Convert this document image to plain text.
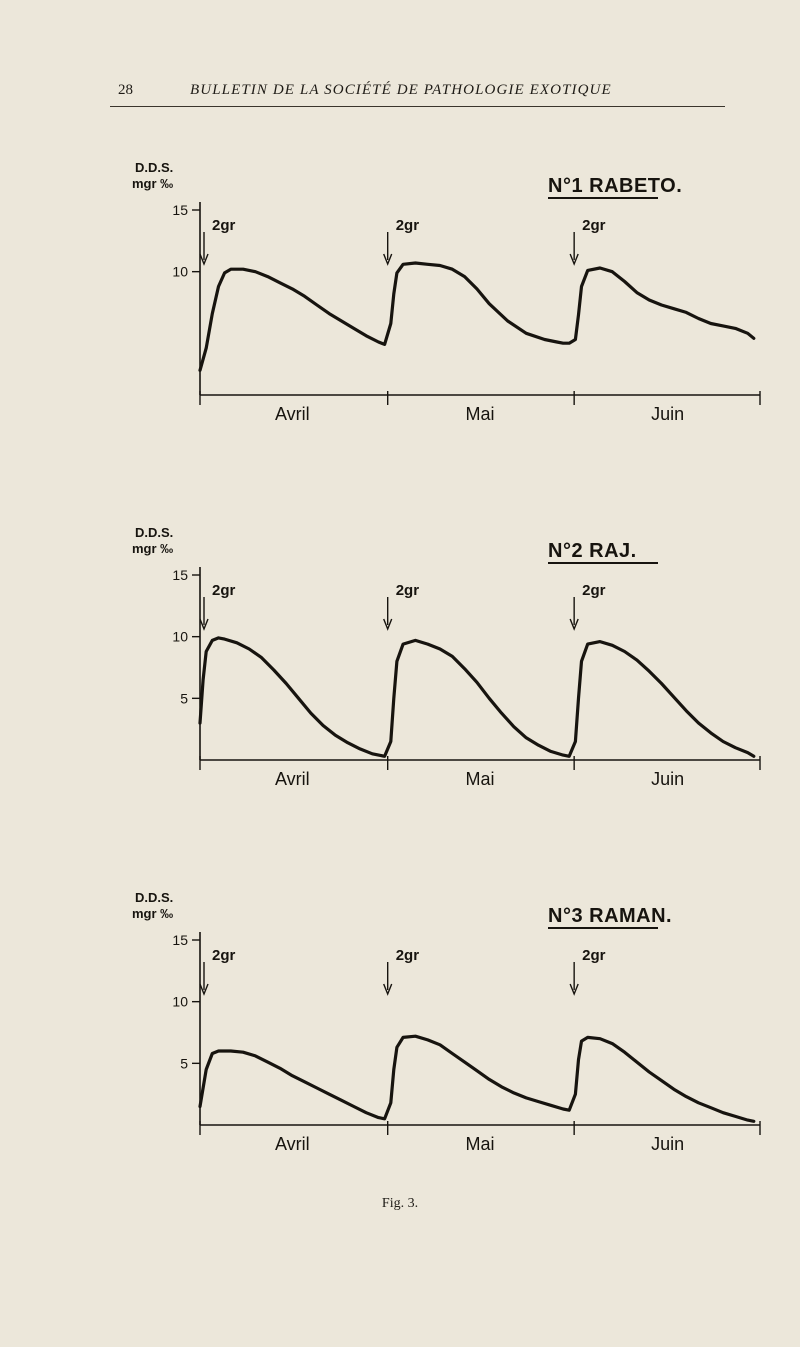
28	BULLETIN DE LA SOCIÉTÉ DE PATHOLOGIE EXOTIQUE
D.D.S.
mgr ‰	N°1 RABETO.
10
15
Avril	Mai	Juin
2gr	2gr	2gr
D.D.S.
mgr ‰	N°2 RAJ.
5
10
15
Avril	Mai	Juin
2gr	2gr	2gr
D.D.S.
mgr ‰	N°3 RAMAN.
5
10
15
Avril	Mai	Juin
2gr	2gr	2gr
Fig. 3.
